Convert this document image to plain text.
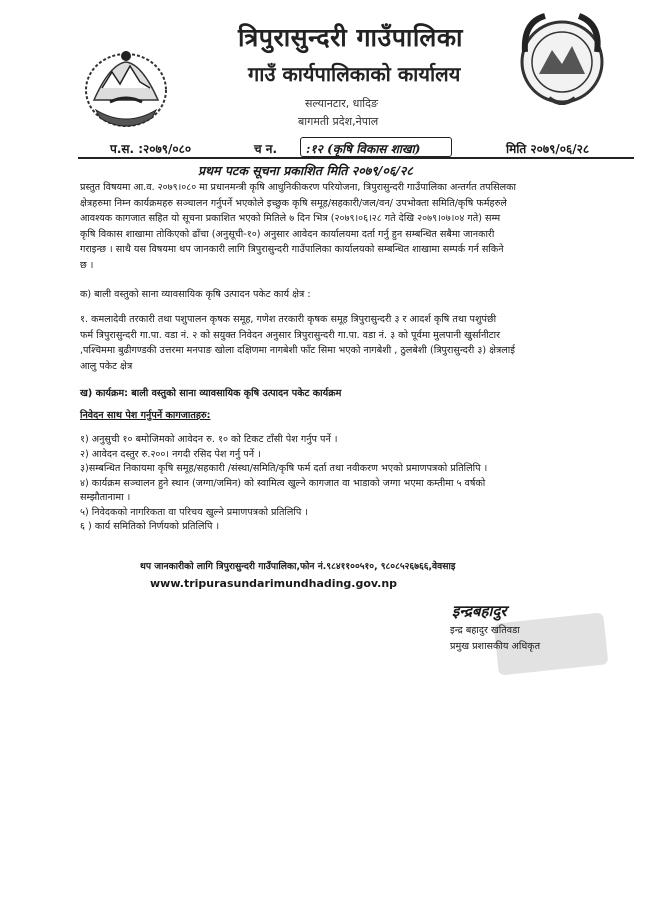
त्रिपुरासुन्दरी गाउँपालिका
गाउँ कार्यपालिकाको कार्यालय
सल्यानटार, धादिङ
बागमती प्रदेश,नेपाल
प.स. :२०७९/०८०	च न. :१२ (कृषि विकास शाखा)	मिति २०७९/०६/२८
प्रथम पटक सूचना प्रकाशित मिति २०७९/०६/२८
प्रस्तुत विषयमा आ.व. २०७९।०८० मा प्रधानमन्त्री कृषि आधुनिकीकरण परियोजना, त्रिपुरासुन्दरी गाउँपालिका अन्तर्गत तपसिलका
क्षेत्रहरुमा निम्न कार्यक्रमहरु सञ्चालन गर्नुपर्ने भएकोले इच्छुक कृषि समूह/सहकारी/जल/वन/ उपभोक्ता समिति/कृषि फर्महरुले
आवश्यक कागजात सहित यो सूचना प्रकाशित भएको मितिले ७ दिन भित्र (२०७९।०६।२८ गते देखि २०७९।०७।०४ गते) सम्म
कृषि विकास शाखामा तोकिएको ढाँचा (अनुसूची-१०) अनुसार आवेदन कार्यालयमा दर्ता गर्नु हुन सम्बन्धित सबैमा जानकारी
गराइन्छ । साथै यस विषयमा थप जानकारी लागि त्रिपुरासुन्दरी गाउँपालिका कार्यालयको सम्बन्धित शाखामा सम्पर्क गर्न सकिने
छ ।
क) बाली वस्तुको साना व्यावसायिक कृषि उत्पादन पकेट कार्य क्षेत्र :
१. कमलादेवी तरकारी तथा पशुपालन कृषक समूह, गणेश तरकारी कृषक समूह त्रिपुरासुन्दरी ३ र आदर्श कृषि तथा पशुपंछी
फर्म त्रिपुरासुन्दरी गा.पा. वडा नं. २ को सयुक्त निवेदन अनुसार त्रिपुरासुन्दरी गा.पा. वडा नं. ३ को पूर्वमा मुलपानी खुर्सानीटार
,पश्चिममा बुढीगण्डकी उत्तरमा मनपाङ खोला दक्षिणमा नागबेशी फाँट सिमा भएको नागबेशी , ठुलबेशी (त्रिपुरासुन्दरी ३) क्षेत्रलाई
आलु पकेट क्षेत्र
ख) कार्यक्रम: बाली वस्तुको साना व्यावसायिक कृषि उत्पादन पकेट कार्यक्रम
निवेदन साथ पेश गर्नुपर्ने कागजातहरु:
१) अनुसुची १० बमोजिमको आवेदन रु. १० को टिकट टाँसी पेश गर्नुप पर्ने ।
२) आवेदन दस्तुर रु.२००। नगदी रसिद पेश गर्नु पर्ने ।
३)सम्बन्धित निकायमा कृषि समूह/सहकारी /संस्था/समिति/कृषि फर्म दर्ता तथा नवीकरण भएको प्रमाणपत्रको प्रतिलिपि ।
४) कार्यक्रम सञ्चालन हुने स्थान (जग्गा/जमिन) को स्वामित्व खुल्ने कागजात वा भाडाको जग्गा भएमा कम्तीमा ५ वर्षको
सम्झौतानामा ।
५) निवेदकको नागरिकता वा परिचय खुल्ने प्रमाणपत्रको प्रतिलिपि ।
६ ) कार्य समितिको निर्णयको प्रतिलिपि ।
थप जानकारीको लागि त्रिपुरासुन्दरी गाउँपालिका,फोन नं.९८४११००५१०, ९८०८५२६७६६,वेवसाइ
www.tripurasundarimundhading.gov.np
इन्द्रबहादुर
इन्द्र बहादुर खतिवडा
प्रमुख प्रशासकीय अधिकृत
